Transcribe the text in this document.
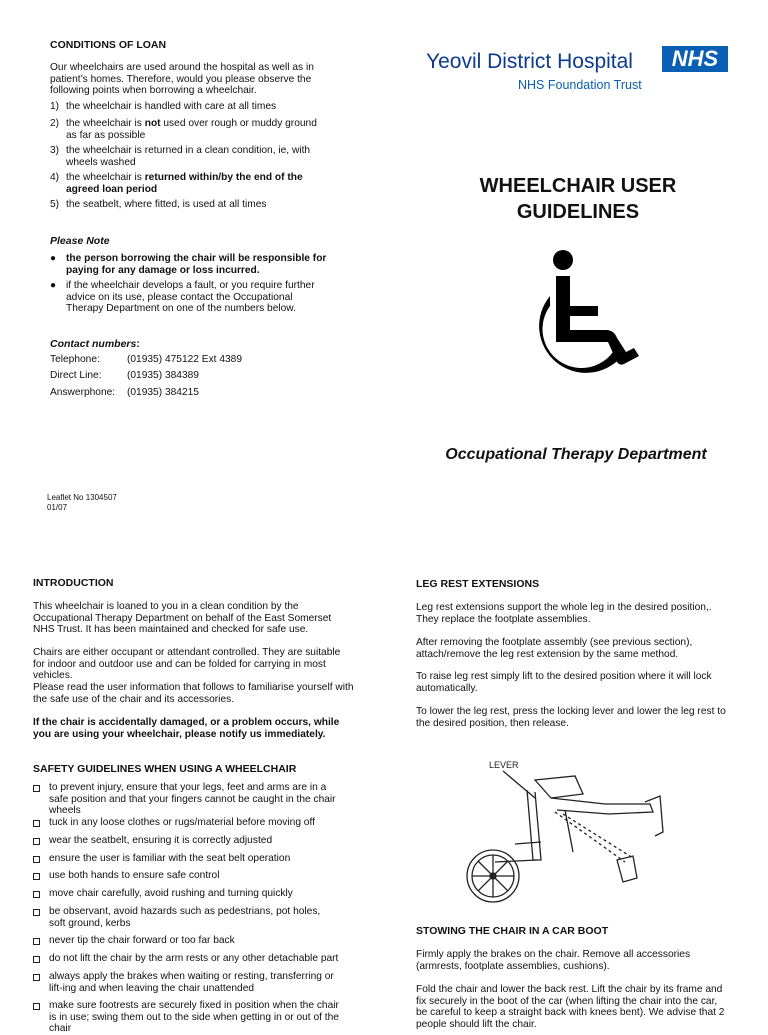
CONDITIONS OF LOAN
Our wheelchairs are used around the hospital as well as in patient’s homes. Therefore, would you please observe the following points when borrowing a wheelchair.
1) the wheelchair is handled with care at all times
2) the wheelchair is not used over rough or muddy ground as far as possible
3) the wheelchair is returned in a clean condition, ie, with wheels washed
4) the wheelchair is returned within/by the end of the agreed loan period
5) the seatbelt, where fitted, is used at all times
Please Note
● the person borrowing the chair will be responsible for paying for any damage or loss incurred.
● if the wheelchair develops a fault, or you require further advice on its use, please contact the Occupational Therapy Department on one of the numbers below.
Contact numbers:
Telephone:	(01935) 475122 Ext 4389
Direct Line: (01935) 384389
Answerphone: (01935) 384215
Leaflet No 1304507
01/07
Yeovil District Hospital	NHS
NHS Foundation Trust
WHEELCHAIR USER
GUIDELINES
Occupational Therapy Department
INTRODUCTION
This wheelchair is loaned to you in a clean condition by the Occupational Therapy Department on behalf of the East Somerset NHS Trust. It has been maintained and checked for safe use.
Chairs are either occupant or attendant controlled. They are suitable for indoor and outdoor use and can be folded for carrying in most vehicles.
Please read the user information that follows to familiarise yourself with the safe use of the chair and its accessories.
If the chair is accidentally damaged, or a problem occurs, while you are using your wheelchair, please notify us immediately.
SAFETY GUIDELINES WHEN USING A WHEELCHAIR
to prevent injury, ensure that your legs, feet and arms are in a safe position and that your fingers cannot be caught in the chair wheels
tuck in any loose clothes or rugs/material before moving off
wear the seatbelt, ensuring it is correctly adjusted
ensure the user is familiar with the seat belt operation
use both hands to ensure safe control
move chair carefully, avoid rushing and turning quickly
be observant, avoid hazards such as pedestrians, pot holes, soft ground, kerbs
never tip the chair forward or too far back
do not lift the chair by the arm rests or any other detachable part
always apply the brakes when waiting or resting, transferring or lift-ing and when leaving the chair unattended
make sure footrests are securely fixed in position when the chair is in use; swing them out to the side when getting in or out of the chair
LEG REST EXTENSIONS
Leg rest extensions support the whole leg in the desired position,. They replace the footplate assemblies.
After removing the footplate assembly (see previous section), attach/remove the leg rest extension by the same method.
To raise leg rest simply lift to the desired position where it will lock automatically.
To lower the leg rest, press the locking lever and lower the leg rest to the desired position, then release.
LEVER
STOWING THE CHAIR IN A CAR BOOT
Firmly apply the brakes on the chair. Remove all accessories (armrests, footplate assemblies, cushions).
Fold the chair and lower the back rest. Lift the chair by its frame and fix securely in the boot of the car (when lifting the chair into the car, be careful to keep a straight back with knees bent). We advise that 2 people should lift the chair.
